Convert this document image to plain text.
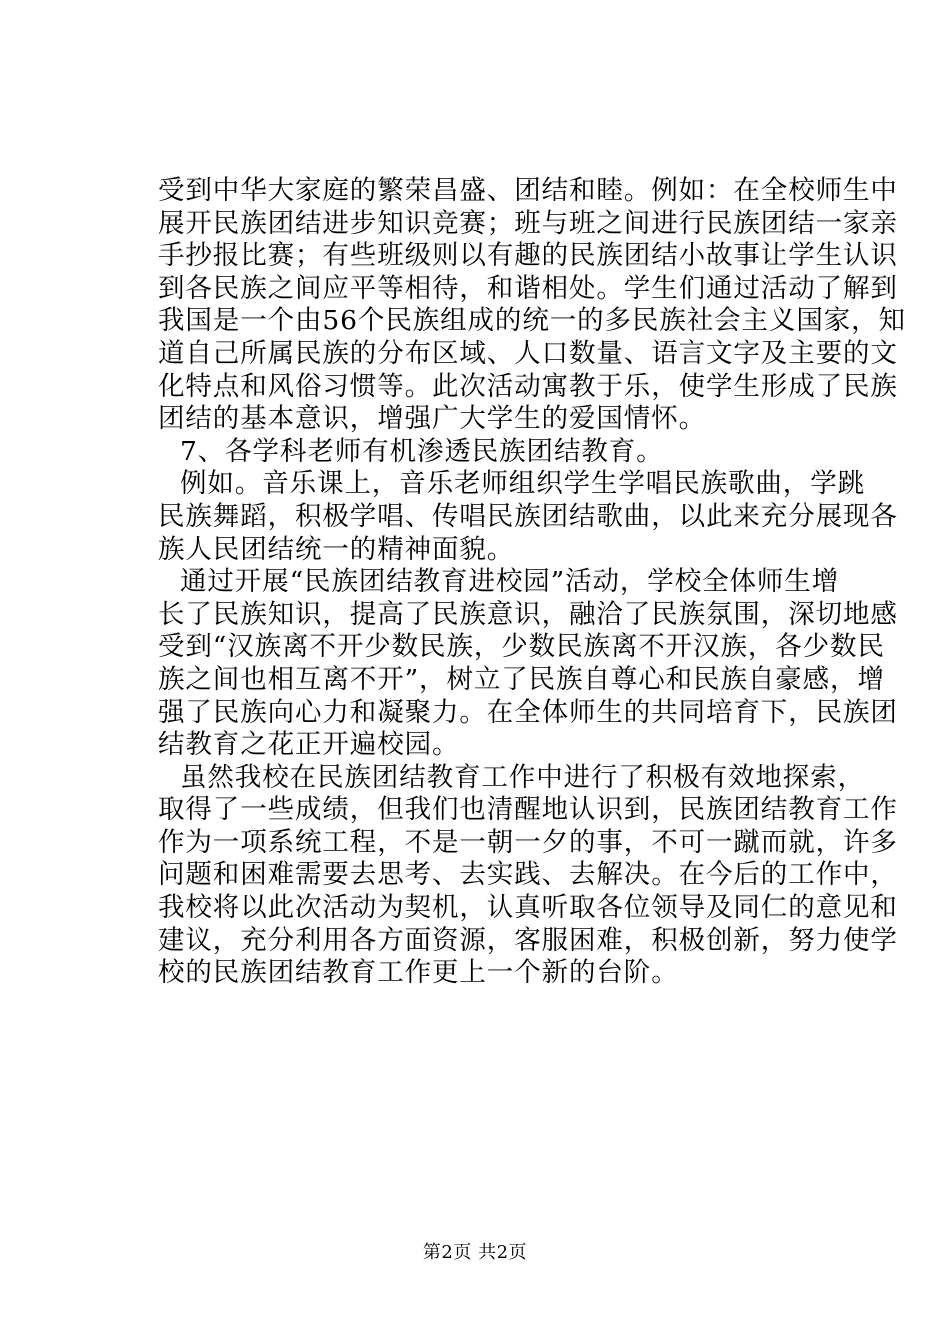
受到中华大家庭的繁荣昌盛、团结和睦。例如：在全校师生中
展开民族团结进步知识竞赛；班与班之间进行民族团结一家亲
手抄报比赛；有些班级则以有趣的民族团结小故事让学生认识
到各民族之间应平等相待，和谐相处。学生们通过活动了解到
我国是一个由56个民族组成的统一的多民族社会主义国家，知
道自己所属民族的分布区域、人口数量、语言文字及主要的文
化特点和风俗习惯等。此次活动寓教于乐，使学生形成了民族
团结的基本意识，增强广大学生的爱国情怀。
7、各学科老师有机渗透民族团结教育。
例如。音乐课上，音乐老师组织学生学唱民族歌曲，学跳
民族舞蹈，积极学唱、传唱民族团结歌曲，以此来充分展现各
族人民团结统一的精神面貌。
通过开展“民族团结教育进校园”活动，学校全体师生增
长了民族知识，提高了民族意识，融洽了民族氛围，深切地感
受到“汉族离不开少数民族，少数民族离不开汉族，各少数民
族之间也相互离不开”，树立了民族自尊心和民族自豪感，增
强了民族向心力和凝聚力。在全体师生的共同培育下，民族团
结教育之花正开遍校园。
虽然我校在民族团结教育工作中进行了积极有效地探索，
取得了一些成绩，但我们也清醒地认识到，民族团结教育工作
作为一项系统工程，不是一朝一夕的事，不可一蹴而就，许多
问题和困难需要去思考、去实践、去解决。在今后的工作中，
我校将以此次活动为契机，认真听取各位领导及同仁的意见和
建议，充分利用各方面资源，客服困难，积极创新，努力使学
校的民族团结教育工作更上一个新的台阶。
第2页 共2页
